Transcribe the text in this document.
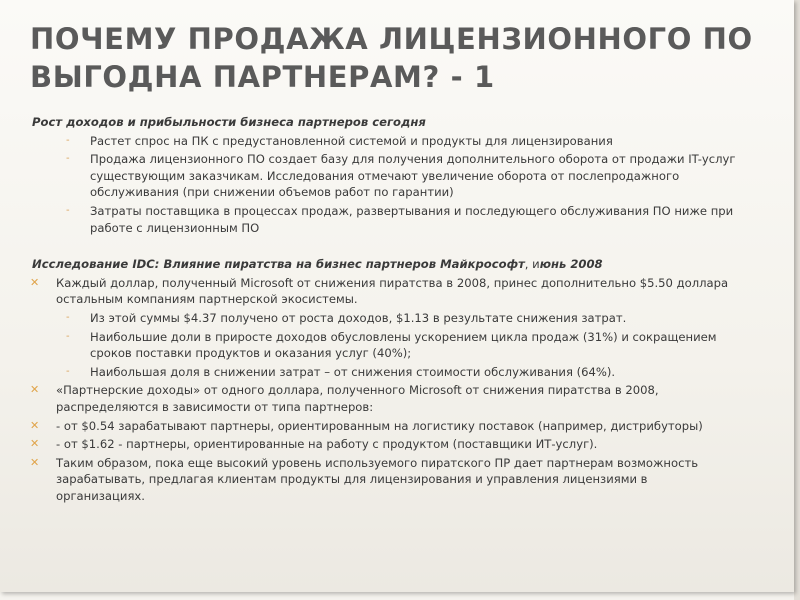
ПОЧЕМУ ПРОДАЖА ЛИЦЕНЗИОННОГО ПО ВЫГОДНА ПАРТНЕРАМ? - 1
Рост доходов и прибыльности бизнеса партнеров сегодня
‐ Растет спрос на ПК с предустановленной системой и продукты для лицензирования
‐ Продажа лицензионного ПО создает базу для получения дополнительного оборота от продажи IT-услуг существующим заказчикам. Исследования отмечают увеличение оборота от послепродажного обслуживания (при снижении объемов работ по гарантии)
‐ Затраты поставщика в процессах продаж, развертывания и последующего обслуживания ПО ниже при работе с лицензионным ПО
Исследование IDC: Влияние пиратства на бизнес партнеров Майкрософт, июнь 2008
✕ Каждый доллар, полученный Microsoft от снижения пиратства в 2008, принес дополнительно $5.50 доллара остальным компаниям партнерской экосистемы.
‐ Из этой суммы $4.37 получено от роста доходов, $1.13 в результате снижения затрат.
‐ Наибольшие доли в приросте доходов обусловлены ускорением цикла продаж (31%) и сокращением сроков поставки продуктов и оказания услуг (40%);
‐ Наибольшая доля в снижении затрат – от снижения стоимости обслуживания (64%).
✕ «Партнерские доходы» от одного доллара, полученного Microsoft от снижения пиратства в 2008, распределяются в зависимости от типа партнеров:
✕ - от $0.54 зарабатывают партнеры, ориентированным на логистику поставок (например, дистрибуторы)
✕ - от $1.62 - партнеры, ориентированные на работу с продуктом (поставщики ИТ-услуг).
✕ Таким образом, пока еще высокий уровень используемого пиратского ПР дает партнерам возможность зарабатывать, предлагая клиентам продукты для лицензирования и управления лицензиями в организациях.
